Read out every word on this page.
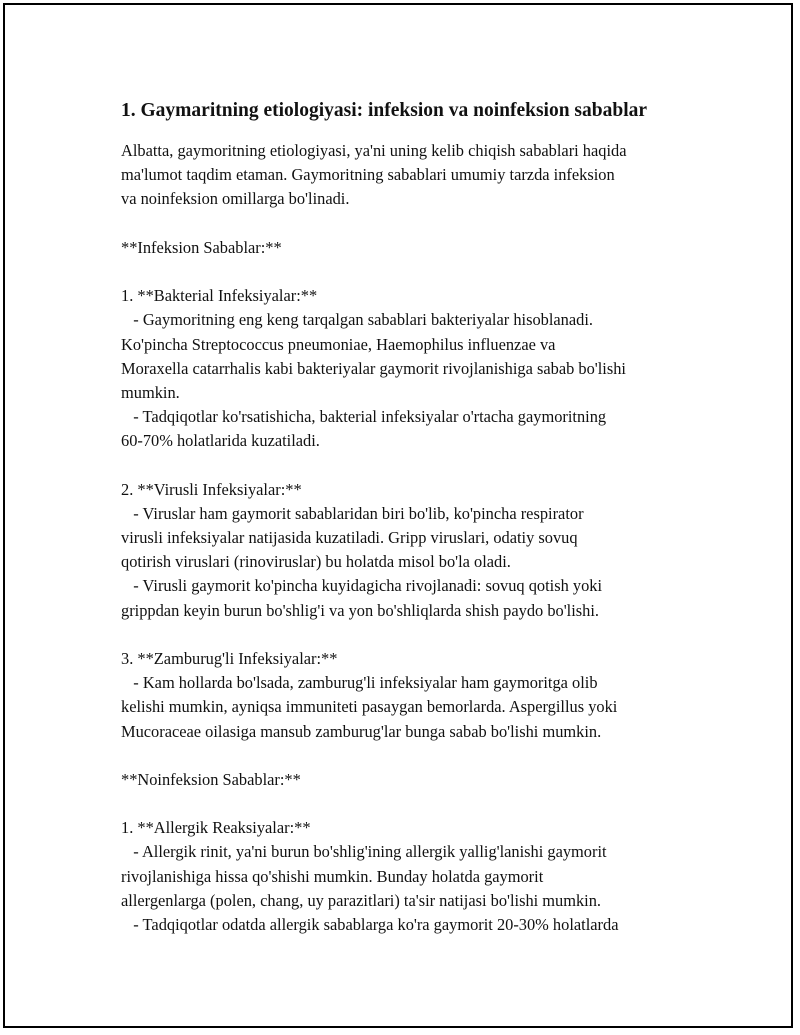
1. Gaymaritning etiologiyasi: infeksion va noinfeksion sabablar
Albatta, gaymoritning etiologiyasi, ya'ni uning kelib chiqish sabablari haqida
ma'lumot taqdim etaman. Gaymoritning sabablari umumiy tarzda infeksion
va noinfeksion omillarga bo'linadi.
**Infeksion Sabablar:**
1. **Bakterial Infeksiyalar:**
- Gaymoritning eng keng tarqalgan sabablari bakteriyalar hisoblanadi.
Ko'pincha Streptococcus pneumoniae, Haemophilus influenzae va
Moraxella catarrhalis kabi bakteriyalar gaymorit rivojlanishiga sabab bo'lishi
mumkin.
- Tadqiqotlar ko'rsatishicha, bakterial infeksiyalar o'rtacha gaymoritning
60-70% holatlarida kuzatiladi.
2. **Virusli Infeksiyalar:**
- Viruslar ham gaymorit sabablaridan biri bo'lib, ko'pincha respirator
virusli infeksiyalar natijasida kuzatiladi. Gripp viruslari, odatiy sovuq
qotirish viruslari (rinoviruslar) bu holatda misol bo'la oladi.
- Virusli gaymorit ko'pincha kuyidagicha rivojlanadi: sovuq qotish yoki
grippdan keyin burun bo'shlig'i va yon bo'shliqlarda shish paydo bo'lishi.
3. **Zamburug'li Infeksiyalar:**
- Kam hollarda bo'lsada, zamburug'li infeksiyalar ham gaymoritga olib
kelishi mumkin, ayniqsa immuniteti pasaygan bemorlarda. Aspergillus yoki
Mucoraceae oilasiga mansub zamburug'lar bunga sabab bo'lishi mumkin.
**Noinfeksion Sabablar:**
1. **Allergik Reaksiyalar:**
- Allergik rinit, ya'ni burun bo'shlig'ining allergik yallig'lanishi gaymorit
rivojlanishiga hissa qo'shishi mumkin. Bunday holatda gaymorit
allergenlarga (polen, chang, uy parazitlari) ta'sir natijasi bo'lishi mumkin.
- Tadqiqotlar odatda allergik sabablarga ko'ra gaymorit 20-30% holatlarda
